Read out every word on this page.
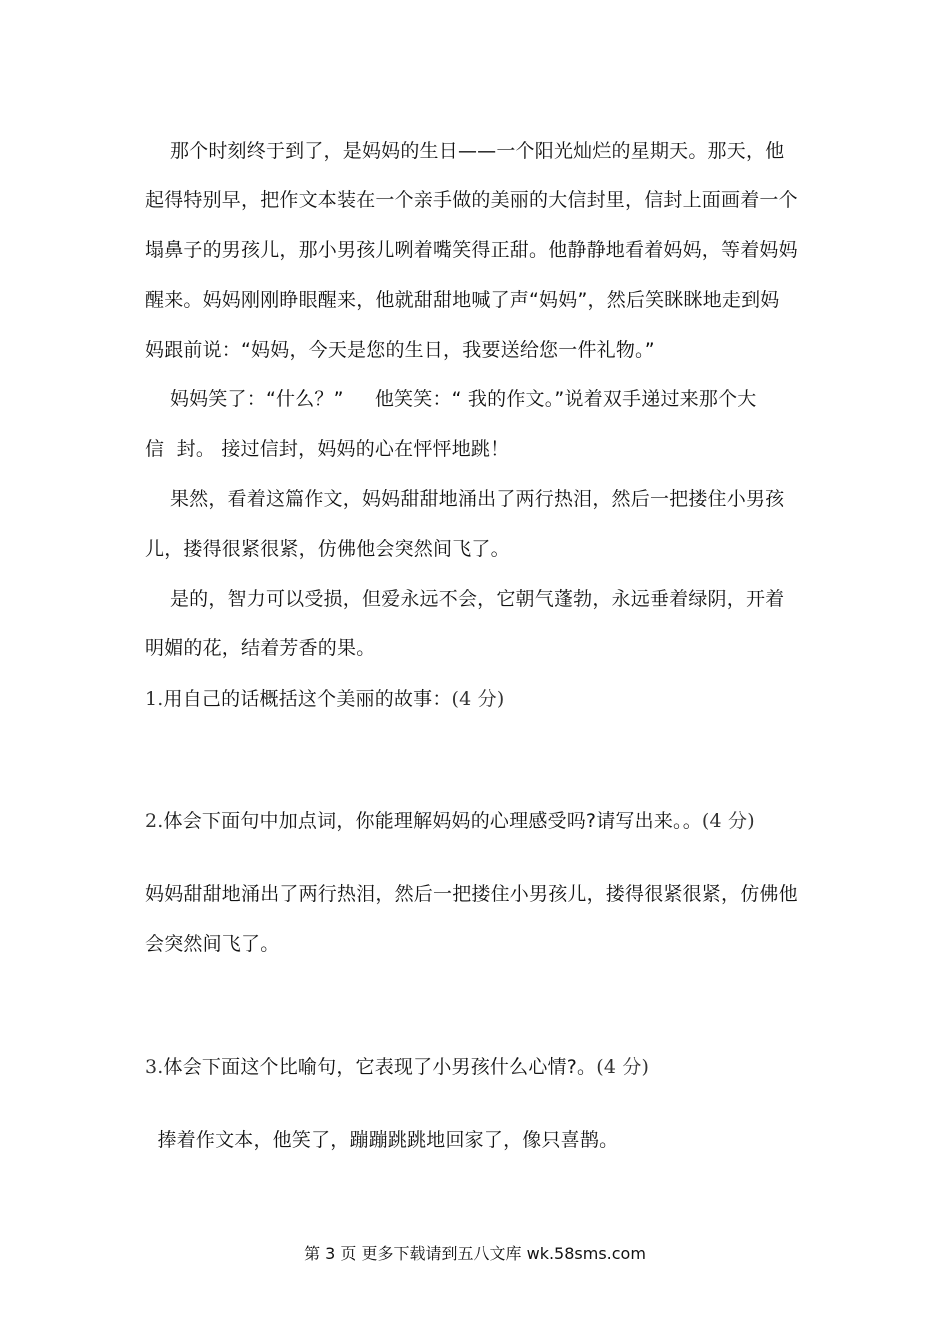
那个时刻终于到了，是妈妈的生日——一个阳光灿烂的星期天。那天，他
起得特别早，把作文本装在一个亲手做的美丽的大信封里，信封上面画着一个
塌鼻子的男孩儿，那小男孩儿咧着嘴笑得正甜。他静静地看着妈妈，等着妈妈
醒来。妈妈刚刚睁眼醒来，他就甜甜地喊了声“妈妈”，然后笑眯眯地走到妈
妈跟前说：“妈妈，今天是您的生日，我要送给您一件礼物。”
妈妈笑了：“什么？”     他笑笑：“ 我的作文。”说着双手递过来那个大
信  封。 接过信封，妈妈的心在怦怦地跳！
果然，看着这篇作文，妈妈甜甜地涌出了两行热泪，然后一把搂住小男孩
儿，搂得很紧很紧，仿佛他会突然间飞了。
是的，智力可以受损，但爱永远不会，它朝气蓬勃，永远垂着绿阴，开着
明媚的花，结着芳香的果。
1.用自己的话概括这个美丽的故事：(4 分)
2.体会下面句中加点词，你能理解妈妈的心理感受吗?请写出来。。(4 分)
妈妈甜甜地涌出了两行热泪，然后一把搂住小男孩儿，搂得很紧很紧，仿佛他
会突然间飞了。
3.体会下面这个比喻句，它表现了小男孩什么心情?。(4 分)
捧着作文本，他笑了，蹦蹦跳跳地回家了，像只喜鹊。
第 3 页 更多下载请到五八文库 wk.58sms.com
